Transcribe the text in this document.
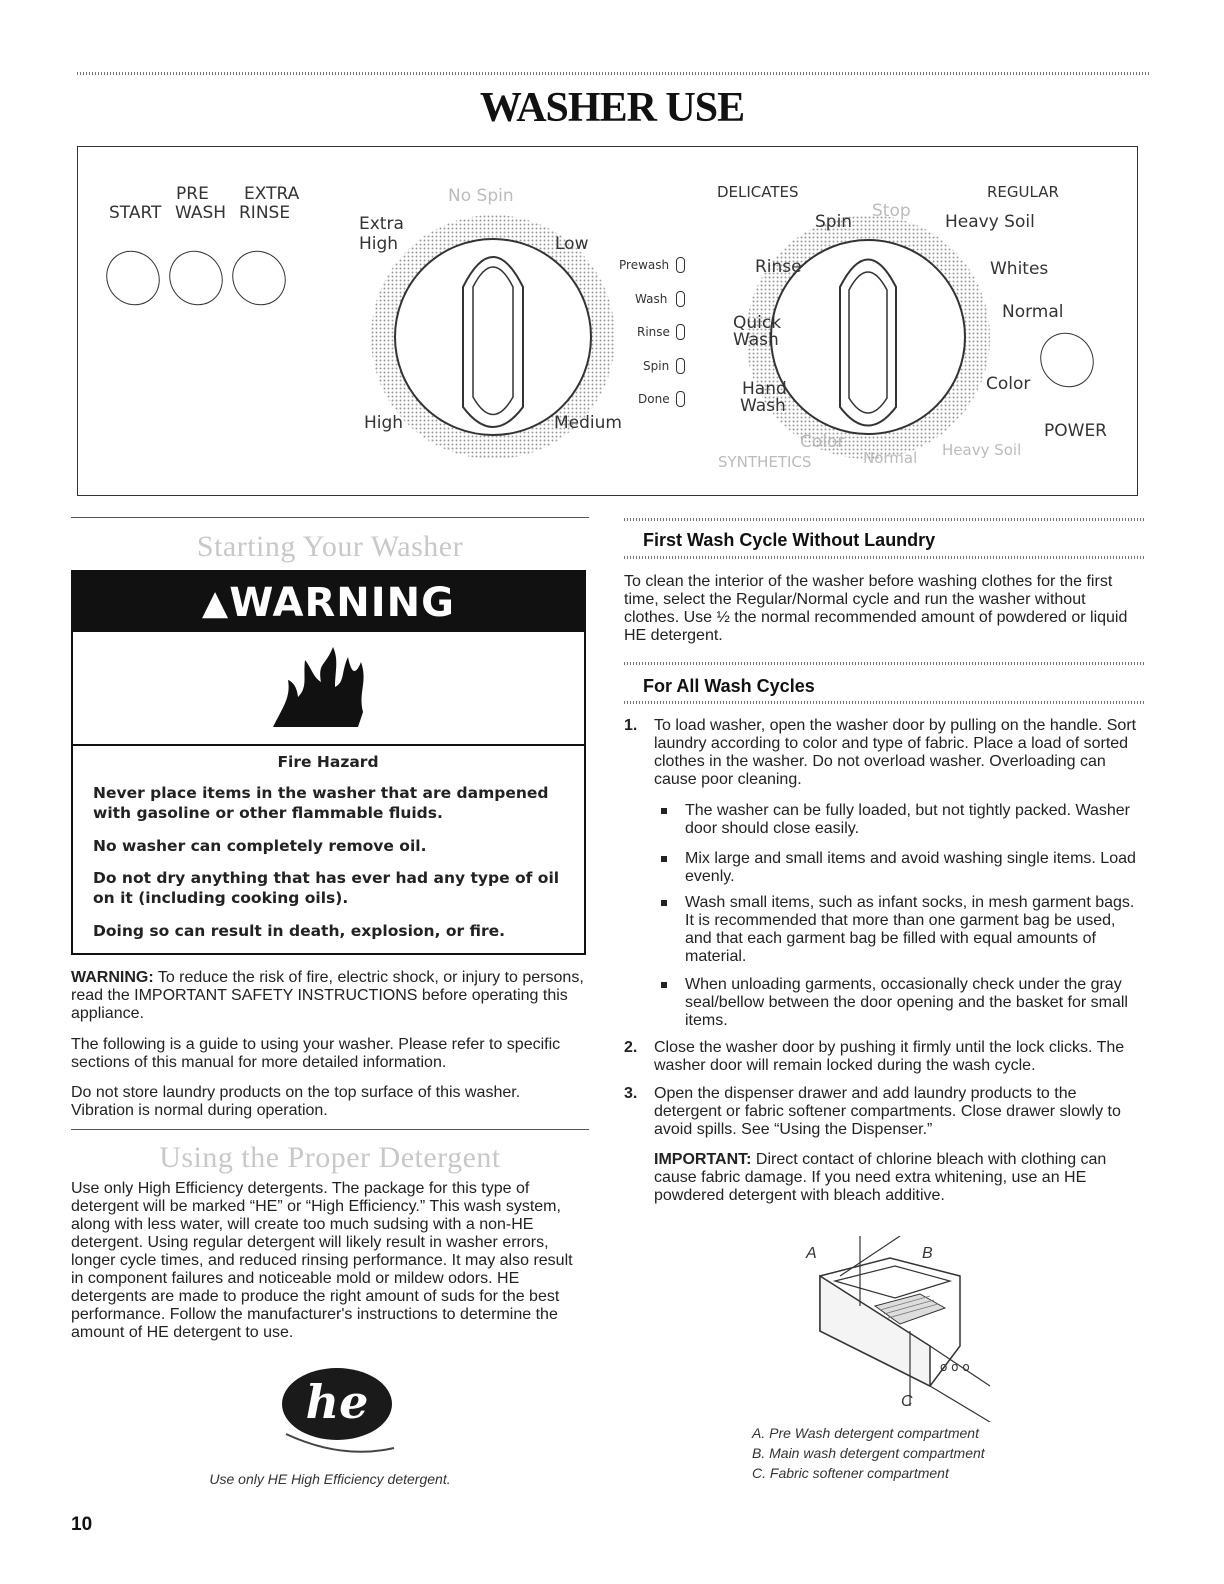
WASHER USE
PRE EXTRA
START WASH RINSE
No Spin
Extra
High	Low
High	Medium
Prewash
Wash
Rinse
Spin
Done
DELICATES	REGULAR
Spin
Stop
Heavy Soil
Rinse	Whites
Normal
Quick
Wash
Color
Hand
Wash
Color
Normal Heavy Soil
SYNTHETICS
POWER
Starting Your Washer
▲WARNING
Fire Hazard
Never place items in the washer that are dampened with gasoline or other flammable fluids.
No washer can completely remove oil.
Do not dry anything that has ever had any type of oil on it (including cooking oils).
Doing so can result in death, explosion, or fire.
WARNING: To reduce the risk of fire, electric shock, or injury to persons, read the IMPORTANT SAFETY INSTRUCTIONS before operating this appliance.
The following is a guide to using your washer. Please refer to specific sections of this manual for more detailed information.
Do not store laundry products on the top surface of this washer. Vibration is normal during operation.
Using the Proper Detergent
Use only High Efficiency detergents. The package for this type of detergent will be marked “HE” or “High Efficiency.” This wash system, along with less water, will create too much sudsing with a non-HE detergent. Using regular detergent will likely result in washer errors, longer cycle times, and reduced rinsing performance. It may also result in component failures and noticeable mold or mildew odors. HE detergents are made to produce the right amount of suds for the best performance. Follow the manufacturer's instructions to determine the amount of HE detergent to use.
he
Use only HE High Efficiency detergent.
10
First Wash Cycle Without Laundry
To clean the interior of the washer before washing clothes for the first time, select the Regular/Normal cycle and run the washer without clothes. Use ½ the normal recommended amount of powdered or liquid HE detergent.
For All Wash Cycles
1. To load washer, open the washer door by pulling on the handle. Sort laundry according to color and type of fabric. Place a load of sorted clothes in the washer. Do not overload washer. Overloading can cause poor cleaning.
The washer can be fully loaded, but not tightly packed. Washer door should close easily.
Mix large and small items and avoid washing single items. Load evenly.
Wash small items, such as infant socks, in mesh garment bags. It is recommended that more than one garment bag be used, and that each garment bag be filled with equal amounts of material.
When unloading garments, occasionally check under the gray seal/bellow between the door opening and the basket for small items.
2. Close the washer door by pushing it firmly until the lock clicks. The washer door will remain locked during the wash cycle.
3. Open the dispenser drawer and add laundry products to the detergent or fabric softener compartments. Close drawer slowly to avoid spills. See “Using the Dispenser.”
IMPORTANT: Direct contact of chlorine bleach with clothing can cause fabric damage. If you need extra whitening, use an HE powdered detergent with bleach additive.
o o o
A	B
C
A. Pre Wash detergent compartment
B. Main wash detergent compartment
C. Fabric softener compartment
